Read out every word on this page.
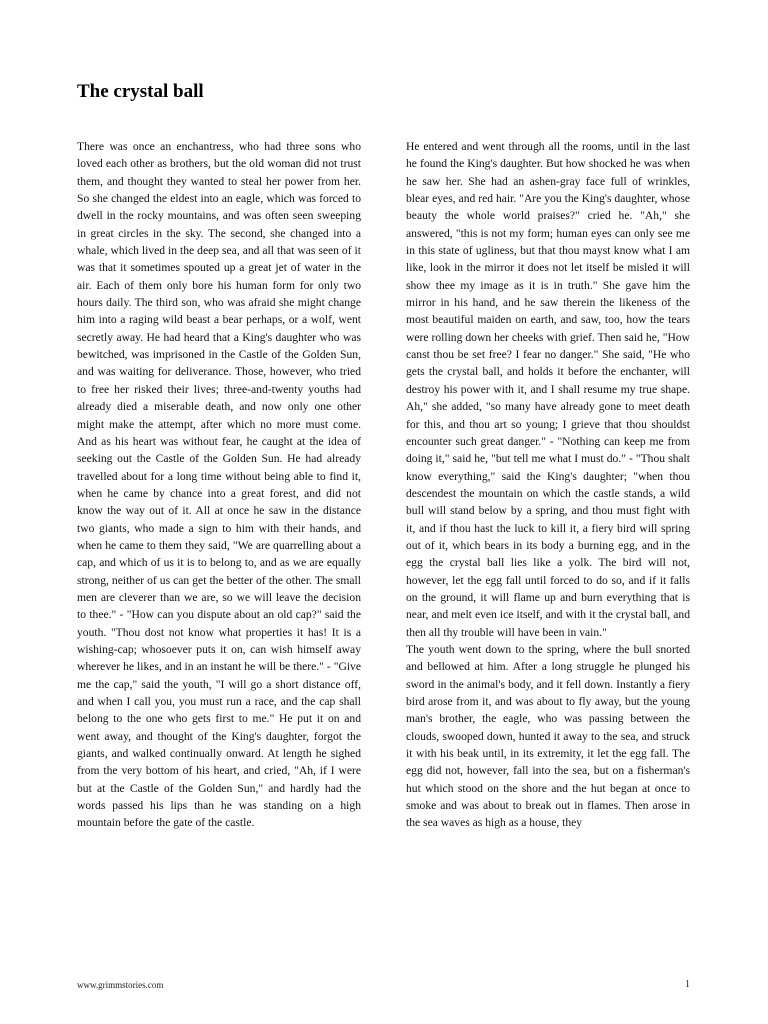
The crystal ball

There was once an enchantress, who had three sons who loved each other as brothers, but the old woman did not trust them, and thought they wanted to steal her power from her. So she changed the eldest into an eagle, which was forced to dwell in the rocky mountains, and was often seen sweeping in great circles in the sky. The second, she changed into a whale, which lived in the deep sea, and all that was seen of it was that it sometimes spouted up a great jet of water in the air. Each of them only bore his human form for only two hours daily. The third son, who was afraid she might change him into a raging wild beast a bear perhaps, or a wolf, went secretly away. He had heard that a King's daughter who was bewitched, was imprisoned in the Castle of the Golden Sun, and was waiting for deliverance. Those, however, who tried to free her risked their lives; three-and-twenty youths had already died a miserable death, and now only one other might make the attempt, after which no more must come. And as his heart was without fear, he caught at the idea of seeking out the Castle of the Golden Sun. He had already travelled about for a long time without being able to find it, when he came by chance into a great forest, and did not know the way out of it. All at once he saw in the distance two giants, who made a sign to him with their hands, and when he came to them they said, "We are quarrelling about a cap, and which of us it is to belong to, and as we are equally strong, neither of us can get the better of the other. The small men are cleverer than we are, so we will leave the decision to thee." - "How can you dispute about an old cap?" said the youth. "Thou dost not know what properties it has! It is a wishing-cap; whosoever puts it on, can wish himself away wherever he likes, and in an instant he will be there." - "Give me the cap," said the youth, "I will go a short distance off, and when I call you, you must run a race, and the cap shall belong to the one who gets first to me." He put it on and went away, and thought of the King's daughter, forgot the giants, and walked continually onward. At length he sighed from the very bottom of his heart, and cried, "Ah, if I were but at the Castle of the Golden Sun," and hardly had the words passed his lips than he was standing on a high mountain before the gate of the castle.

He entered and went through all the rooms, until in the last he found the King's daughter. But how shocked he was when he saw her. She had an ashen-gray face full of wrinkles, blear eyes, and red hair. "Are you the King's daughter, whose beauty the whole world praises?" cried he. "Ah," she answered, "this is not my form; human eyes can only see me in this state of ugliness, but that thou mayst know what I am like, look in the mirror it does not let itself be misled it will show thee my image as it is in truth." She gave him the mirror in his hand, and he saw therein the likeness of the most beautiful maiden on earth, and saw, too, how the tears were rolling down her cheeks with grief. Then said he, "How canst thou be set free? I fear no danger." She said, "He who gets the crystal ball, and holds it before the enchanter, will destroy his power with it, and I shall resume my true shape. Ah," she added, "so many have already gone to meet death for this, and thou art so young; I grieve that thou shouldst encounter such great danger." - "Nothing can keep me from doing it," said he, "but tell me what I must do." - "Thou shalt know everything," said the King's daughter; "when thou descendest the mountain on which the castle stands, a wild bull will stand below by a spring, and thou must fight with it, and if thou hast the luck to kill it, a fiery bird will spring out of it, which bears in its body a burning egg, and in the egg the crystal ball lies like a yolk. The bird will not, however, let the egg fall until forced to do so, and if it falls on the ground, it will flame up and burn everything that is near, and melt even ice itself, and with it the crystal ball, and then all thy trouble will have been in vain."

The youth went down to the spring, where the bull snorted and bellowed at him. After a long struggle he plunged his sword in the animal's body, and it fell down. Instantly a fiery bird arose from it, and was about to fly away, but the young man's brother, the eagle, who was passing between the clouds, swooped down, hunted it away to the sea, and struck it with his beak until, in its extremity, it let the egg fall. The egg did not, however, fall into the sea, but on a fisherman's hut which stood on the shore and the hut began at once to smoke and was about to break out in flames. Then arose in the sea waves as high as a house, they

www.grimmstories.com	1
